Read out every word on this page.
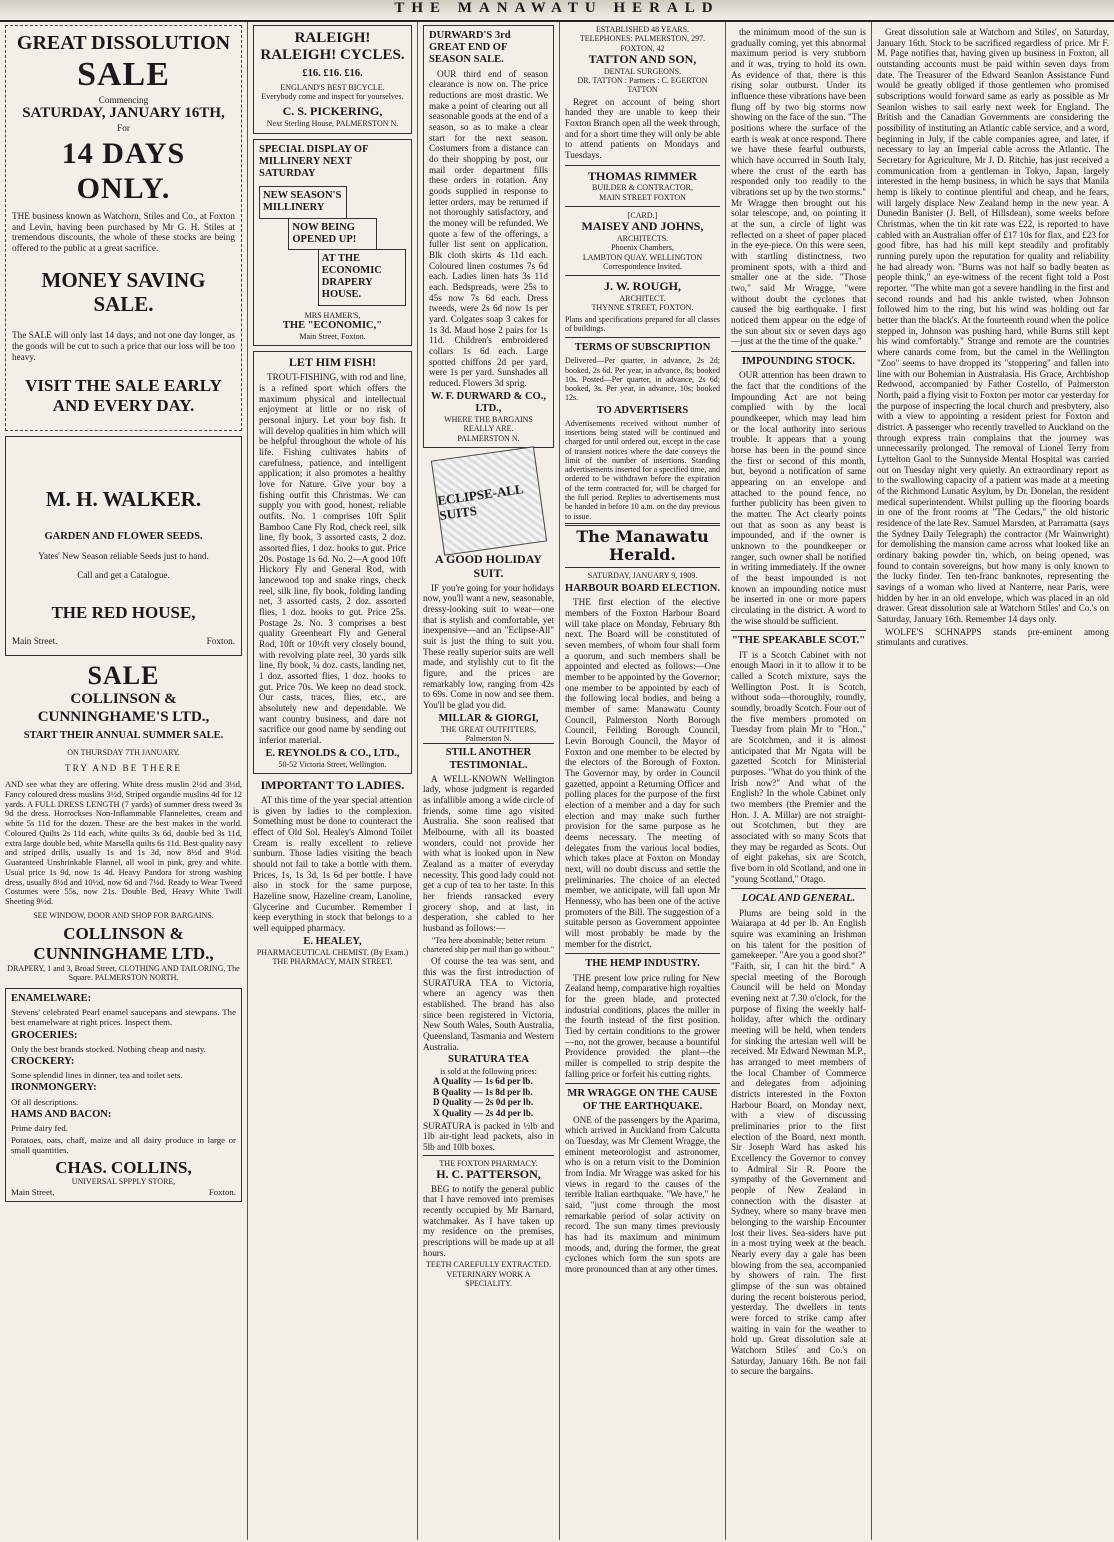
THE MANAWATU HERALD
GREAT DISSOLUTION
SALE
Commencing
SATURDAY, JANUARY 16TH,
For
14 DAYS ONLY.

THE business known as Watchorn, Stiles and Co., at Foxton and Levin, having been purchased by Mr G. H. Stiles at tremendous discounts, the whole of these stocks are being offered to the public at a great sacrifice.

MONEY SAVING SALE.

The SALE will only last 14 days, and not one day longer, as the goods will be cut to such a price that our loss will be too heavy.

VISIT THE SALE EARLY AND EVERY DAY.
M. H. WALKER.
GARDEN AND FLOWER SEEDS.
Yates' New Season reliable Seeds just to hand.
Call and get a Catalogue.
THE RED HOUSE,
Main Street.	Foxton.
SALE
COLLINSON & CUNNINGHAME'S LTD.,
START THEIR ANNUAL SUMMER SALE.
ON THURSDAY 7TH JANUARY.
TRY AND BE THERE

AND see what they are offering. White dress muslin 2½d and 3½d, Fancy coloured dress muslins 3½d, Striped organdie muslins 4d for 12 yards. A FULL DRESS LENGTH (7 yards) of summer dress tweed 3s 9d the dress. Horrockses Non-Inflammable Flannelettes, cream and white 5s 11d for the dozen. These are the best makes in the world. Coloured Quilts 2s 11d each, white quilts 3s 6d, double bed 3s 11d, extra large double bed, white Marsella quilts 6s 11d. Best quality navy and striped drills, usually 1s and 1s 3d, now 8½d and 9½d. Guaranteed Unshrinkable Flannel, all wool in pink, grey and white. Usual price 1s 9d, now 1s 4d. Heavy Pandora for strong washing dress, usually 8½d and 10½d, now 6d and 7½d. Ready to Wear Tweed Costumes were 55s, now 21s. Double Bed, Heavy White Twill Sheeting 9½d.

SEE WINDOW, DOOR AND SHOP FOR BARGAINS.
COLLINSON & CUNNINGHAME LTD.,
DRAPERY, 1 and 3, Broad Street, CLOTHING AND TAILORING, The Square. PALMERSTON NORTH.
ENAMELWARE:

Stevens' celebrated Pearl enamel saucepans and stewpans. The best enamelware at right prices. Inspect them.

GROCERIES:

Only the best brands stocked. Nothing cheap and nasty.

CROCKERY:

Some splendid lines in dinner, tea and toilet sets.

IRONMONGERY:

Of all descriptions.

HAMS AND BACON:

Prime dairy fed.

Potatoes, oats, chaff, maize and all dairy produce in large or small quantities.

CHAS. COLLINS,
UNIVERSAL SPPPLY STORE,
Main Street,	Foxton.
RALEIGH! RALEIGH! CYCLES.
£16. £16. £16.
ENGLAND'S BEST BICYCLE.
Everybody come and inspect for yourselves.
C. S. PICKERING,
Next Sterling House, PALMERSTON N.
SPECIAL DISPLAY OF MILLINERY NEXT SATURDAY
NEW SEASON'S MILLINERY
NOW BEING OPENED UP!
AT THE ECONOMIC DRAPERY HOUSE.
MRS HAMER'S,
THE "ECONOMIC,"
Main Street, Foxton.
LET HIM FISH!

TROUT-FISHING, with rod and line, is a refined sport which offers the maximum physical and intellectual enjoyment at little or no risk of personal injury. Let your boy fish. It will develop qualities in him which will be helpful throughout the whole of his life. Fishing cultivates habits of carefulness, patience, and intelligent application; it also promotes a healthy love for Nature. Give your boy a fishing outfit this Christmas. We can supply you with good, honest, reliable outfits. No. 1 comprises 10ft Split Bamboo Cane Fly Rod, check reel, silk line, fly book, 3 assorted casts, 2 doz. assorted flies, 1 doz. hooks to gut. Price 20s. Postage 1s 6d. No. 2—A good 10ft Hickory Fly and General Rod, with lancewood top and snake rings, check reel, silk line, fly book, folding landing net, 3 assorted casts, 2 doz. assorted flies, 1 doz. hooks to gut. Price 25s. Postage 2s. No. 3 comprises a best quality Greenheart Fly and General Rod, 10ft or 10½ft very closely bound, with revolving plate reel, 30 yards silk line, fly book, ¼ doz. casts, landing net, 1 doz. assorted flies, 1 doz. hooks to gut. Price 70s. We keep no dead stock. Our casts, traces, flies, etc., are absolutely new and dependable. We want country business, and dare not sacrifice our good name by sending out inferior material.

E. REYNOLDS & CO., LTD.,
50-52 Victoria Street, Wellington.
IMPORTANT TO LADIES.

AT this time of the year special attention is given by ladies to the complexion. Something must be done to counteract the effect of Old Sol. Healey's Almond Toilet Cream is really excellent to relieve sunburn. Those ladies visiting the beach should not fail to take a bottle with them. Prices, 1s, 1s 3d, 1s 6d per bottle. I have also in stock for the same purpose, Hazeline snow, Hazeline cream, Lanoline, Glycerine and Cucumber. Remember I keep everything in stock that belongs to a well equipped pharmacy.

E. HEALEY,
PHARMACEUTICAL CHEMIST. (By Exam.) THE PHARMACY, MAIN STREET.
DURWARD'S 3rd GREAT END OF SEASON SALE.

OUR third end of season clearance is now on. The price reductions are most drastic. We make a point of clearing out all seasonable goods at the end of a season, so as to make a clear start for the next season. Costumers from a distance can do their shopping by post, our mail order department fills these orders in rotation. Any goods supplied in response to letter orders, may be returned if not thoroughly satisfactory, and the money will be refunded. We quote a few of the offerings, a fuller list sent on application. Blk cloth skirts 4s 11d each. Coloured linen costumes 7s 6d each. Ladies linen hats 3s 11d each. Bedspreads, were 25s to 45s now 7s 6d each. Dress tweeds, were 2s 6d now 1s per yard. Colgates soap 3 cakes for 1s 3d. Maud hose 2 pairs for 1s 11d. Children's embroidered collars 1s 6d each. Large spotted chiffons 2d per yard, were 1s per yard. Sunshades all reduced. Flowers 3d sprig.

W. F. DURWARD & CO., LTD.,
WHERE THE BARGAINS REALLY ARE.
PALMERSTON N.
ECLIPSE-ALL SUITS
A GOOD HOLIDAY SUIT.

IF you're going for your holidays now, you'll want a new, seasonable, dressy-looking suit to wear—one that is stylish and comfortable, yet inexpensive—and an "Eclipse-All" suit is just the thing to suit you. These really superior suits are well made, and stylishly cut to fit the figure, and the prices are remarkably low, ranging from 42s to 69s. Come in now and see them. You'll be glad you did.

MILLAR & GIORGI,
THE GREAT OUTFITTERS,
Palmerston N.
STILL ANOTHER TESTIMONIAL.

A WELL-KNOWN Wellington lady, whose judgment is regarded as infallible among a wide circle of friends, some time ago visited Australia. She soon realised that Melbourne, with all its boasted wonders, could not provide her with what is looked upon in New Zealand as a matter of everyday necessity. This good lady could not get a cup of tea to her taste. In this her friends ransacked every grocery shop, and at last, in desperation, she cabled to her husband as follows:—

"Tea here abominable; better return chartered ship per mail than go without."

Of course the tea was sent, and this was the first introduction of SURATURA TEA to Victoria, where an agency was then established. The brand has also since been registered in Victoria, New South Wales, South Australia, Queensland, Tasmania and Western Australia.

SURATURA TEA
is sold at the following prices:
A Quality — 1s 6d per lb.
B Quality — 1s 8d per lb.
D Quality — 2s 0d per lb.
X Quality — 2s 4d per lb.

SURATURA is packed in ½lb and 1lb air-tight lead packets, also in 5lb and 10lb boxes.

THE FOXTON PHARMACY.
H. C. PATTERSON,

BEG to notify the general public that I have removed into premises recently occupied by Mr Barnard, watchmaker. As I have taken up my residence on the premises, prescriptions will be made up at all hours.

TEETH CAREFULLY EXTRACTED. VETERINARY WORK A SPECIALITY.
ESTABLISHED 48 YEARS.
TELEPHONES: PALMERSTON, 297. FOXTON, 42
TATTON AND SON,
DENTAL SURGEONS.
DR. TATTON : Partners : C. EGERTON TATTON

Regret on account of being short handed they are unable to keep their Foxton Branch open all the week through, and for a short time they will only be able to attend patients on Mondays and Tuesdays.

THOMAS RIMMER
BUILDER & CONTRACTOR,
MAIN STREET FOXTON
[CARD.]
MAISEY AND JOHNS,
ARCHITECTS.
Phoenix Chambers,
LAMBTON QUAY. WELLINGTON
Correspondence Invited.
J. W. ROUGH,
ARCHITECT.
THYNNE STREET, FOXTON.

Plans and specifications prepared for all classes of buildings.

TERMS OF SUBSCRIPTION

Delivered—Per quarter, in advance, 2s 2d; booked, 2s 6d. Per year, in advance, 8s; booked 10s. Posted—Per quarter, in advance, 2s 6d; booked, 3s. Per year, in advance, 10s; booked 12s.

TO ADVERTISERS

Advertisements received without number of insertions being stated will be continued and charged for until ordered out, except in the case of transient notices where the date conveys the limit of the number of insertions. Standing advertisements inserted for a specified time, and ordered to be withdrawn before the expiration of the term contracted for, will be charged for the full period. Replies to advertisements must be handed in before 10 a.m. on the day previous to issue.

The Manawatu Herald.
SATURDAY, JANUARY 9, 1909.
HARBOUR BOARD ELECTION.

THE first election of the elective members of the Foxton Harbour Board will take place on Monday, February 8th next. The Board will be constituted of seven members, of whom four shall form a quorum, and such members shall be appointed and elected as follows:—One member to be appointed by the Governor; one member to be appointed by each of the following local bodies, and being a member of same: Manawatu County Council, Palmerston North Borough Council, Feilding Borough Council, Levin Borough Council, the Mayor of Foxton and one member to be elected by the electors of the Borough of Foxton. The Governor may, by order in Council gazetted, appoint a Returning Officer and polling places for the purpose of the first election of a member and a day for such election and may make such further provision for the same purpose as he deems necessary. The meeting of delegates from the various local bodies, which takes place at Foxton on Monday next, will no doubt discuss and settle the preliminaries. The choice of an elected member, we anticipate, will fall upon Mr Hennessy, who has been one of the active promoters of the Bill. The suggestion of a suitable person as Government appointee will most probably be made by the member for the district.

THE HEMP INDUSTRY.

THE present low price ruling for New Zealand hemp, comparative high royalties for the green blade, and protected industrial conditions, places the miller in the fourth instead of the first position. Tied by certain conditions to the grower—no, not the grower, because a bountiful Providence provided the plant—the miller is compelled to strip despite the falling price or forfeit his cutting rights.

MR WRAGGE ON THE CAUSE OF THE EARTHQUAKE.

ONE of the passengers by the Aparima, which arrived in Auckland from Calcutta on Tuesday, was Mr Clement Wragge, the eminent meteorologist and astronomer, who is on a return visit to the Dominion from India. Mr Wragge was asked for his views in regard to the causes of the terrible Italian earthquake. "We have," he said, "just come through the most remarkable period of solar activity on record. The sun many times previously has had its maximum and minimum moods, and, during the former, the great cyclones which form the sun spots are more pronounced than at any other times.

the minimum mood of the sun is gradually coming, yet this abnormal maximum period is very stubborn and it was, trying to hold its own. As evidence of that, there is this rising solar outburst. Under its influence these vibrations have been flung off by two big storms now showing on the face of the sun. "The positions where the surface of the earth is weak at once respond. There we have these fearful outbursts, which have occurred in South Italy, where the crust of the earth has responded only too readily to the vibrations set up by the two storms." Mr Wragge then brought out his solar telescope, and, on pointing it at the sun, a circle of light was reflected on a sheet of paper placed in the eye-piece. On this were seen, with startling distinctness, two prominent spots, with a third and smaller one at the side. "Those two," said Mr Wragge, "were without doubt the cyclones that caused the big earthquake. I first noticed them appear on the edge of the sun about six or seven days ago—just at the the time of the quake."

IMPOUNDING STOCK.

OUR attention has been drawn to the fact that the conditions of the Impounding Act are not being complied with by the local poundkeeper, which may lead him or the local authority into serious trouble. It appears that a young horse has been in the pound since the first or second of this month, but, beyond a notification of same appearing on an envelope and attached to the pound fence, no further publicity has been given to the matter. The Act clearly points out that as soon as any beast is impounded, and if the owner is unknown to the poundkeeper or ranger, such owner shall be notified in writing immediately. If the owner of the beast impounded is not known an impounding notice must be inserted in one or more papers circulating in the district. A word to the wise should be sufficient.

"THE SPEAKABLE SCOT."

IT is a Scotch Cabinet with not enough Maori in it to allow it to be called a Scotch mixture, says the Wellington Post. It is Scotch, without soda—thoroughly, roundly, soundly, broadly Scotch. Four out of the five members promoted on Tuesday from plain Mr to "Hon.," are Scotchmen, and it is almost anticipated that Mr Ngata will be gazetted Scotch for Ministerial purposes. "What do you think of the Irish now?" And what of the English? In the whole Cabinet only two members (the Premier and the Hon. J. A. Millar) are not straight-out Scotchmen, but they are associated with so many Scots that they may be regarded as Scots. Out of eight pakehas, six are Scotch, five born in old Scotland, and one in "young Scotland," Otago.

LOCAL AND GENERAL.

Plums are being sold in the Waiarapa at 4d per lb. An English squire was examining an Irishman on his talent for the position of gamekeeper. "Are you a good shot?" "Faith, sir, I can hit the bird." A special meeting of the Borough Council will be held on Monday evening next at 7.30 o'clock, for the purpose of fixing the weekly half-holiday, after which the ordinary meeting will be held, when tenders for sinking the artesian well will be received. Mr Edward Newman M.P., has arranged to meet members of the local Chamber of Commerce and delegates from adjoining districts interested in the Foxton Harbour Board, on Monday next, with a view of discussing preliminaries prior to the first election of the Board, next month. Sir Joseph Ward has asked his Excellency the Governor to convey to Admiral Sir R. Poore the sympathy of the Government and people of New Zealand in connection with the disaster at Sydney, where so many brave men belonging to the warship Encounter lost their lives. Sea-siders have put in a most trying week at the beach. Nearly every day a gale has been blowing from the sea, accompanied by showers of rain. The first glimpse of the sun was obtained during the recent boisterous period, yesterday. The dwellers in tents were forced to strike camp after waiting in vain for the weather to hold up. Great dissolution sale at Watchorn Stiles' and Co.'s on Saturday, January 16th. Be not fail to secure the bargains.

Great dissolution sale at Watchorn and Stiles', on Saturday, January 16th. Stock to be sacrificed regardless of price. Mr F. M. Page notifies that, having given up business in Foxton, all outstanding accounts must be paid within seven days from date. The Treasurer of the Edward Seanlon Assistance Fund would be greatly obliged if those gentlemen who promised subscriptions would forward same as early as possible as Mr Seanlon wishes to sail early next week for England. The British and the Canadian Governments are considering the possibility of instituting an Atlantic cable service, and a word, beginning in July, if the cable companies agree, and later, if necessary to lay an Imperial cable across the Atlantic. The Secretary for Agriculture, Mr J. D. Ritchie, has just received a communication from a gentleman in Tokyo, Japan, largely interested in the hemp business, in which he says that Manila hemp is likely to continue plentiful and cheap, and he fears, will largely displace New Zealand hemp in the new year. A Dunedin Banister (J. Bell, of Hillsdean), some weeks before Christmas, when the tin kit rate was £22, is reported to have cabled with an Australian offer of £17 10s for flax, and £23 for good fibre, has had his mill kept steadily and profitably running purely upon the reputation for quality and reliability he had already won. "Burns was not half so badly beaten as people think," an eye-witness of the recent fight told a Post reporter. "The white man got a severe handling in the first and second rounds and had his ankle twisted, when Johnson followed him to the ring, but his wind was holding out far better than the black's. At the fourteenth round when the police stepped in, Johnson was pushing hard, while Burns still kept his wind comfortably." Strange and remote are the countries where canards come from, but the camel in the Wellington "Zoo" seems to have dropped its "stoppering" and fallen into line with our Bohemian in Australasia. His Grace, Archbishop Redwood, accompanied by Father Costello, of Palmerston North, paid a flying visit to Foxton per motor car yesterday for the purpose of inspecting the local church and presbytery, also with a view to appointing a resident priest for Foxton and district. A passenger who recently travelled to Auckland on the through express train complains that the journey was unnecessarily prolonged. The removal of Lionel Terry from Lyttelton Gaol to the Sunnyside Mental Hospital was carried out on Tuesday night very quietly. An extraordinary report as to the swallowing capacity of a patient was made at a meeting of the Richmond Lunatic Asylum, by Dr. Donelan, the resident medical superintendent. Whilst pulling up the flooring boards in one of the front rooms at "The Cedars," the old historic residence of the late Rev. Samuel Marsden, at Parramatta (says the Sydney Daily Telegraph) the contractor (Mr Wainwright) for demolishing the mansion came across what looked like an ordinary baking powder tin, which, on being opened, was found to contain sovereigns, but how many is only known to the lucky finder. Ten ten-franc banknotes, representing the savings of a woman who lived at Nanterre, near Paris, were hidden by her in an old envelope, which was placed in an old drawer. Great dissolution sale at Watchorn Stiles' and Co.'s on Saturday, January 16th. Remember 14 days only.

WOLFE'S SCHNAPPS stands pre-eminent among stimulants and curatives.
